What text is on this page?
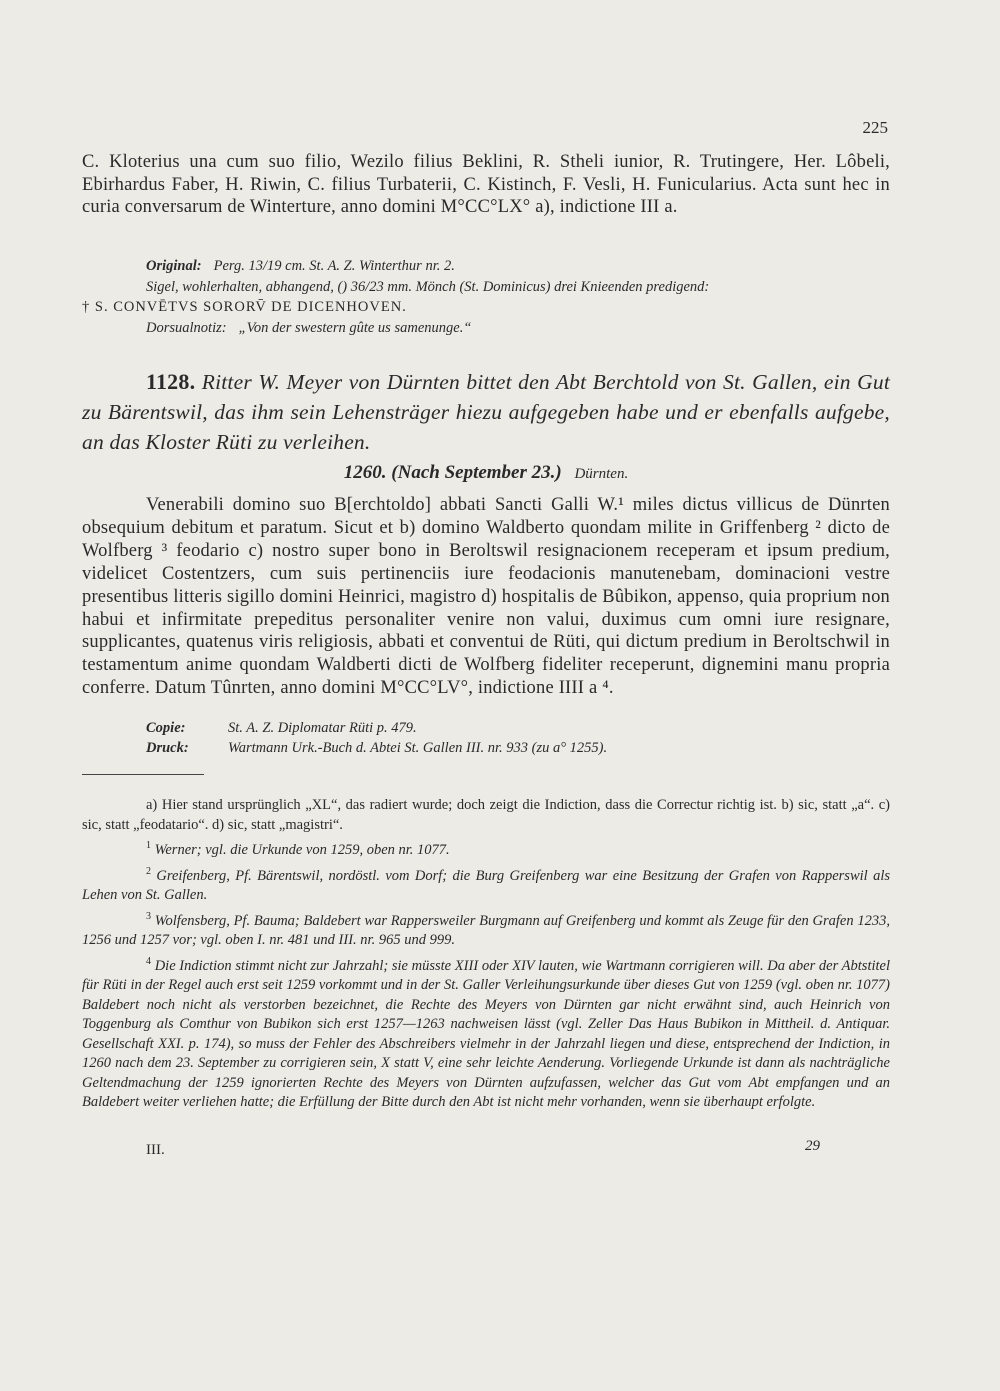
225
C. Kloterius una cum suo filio, Wezilo filius Beklini, R. Stheli iunior, R. Trutingere, Her. Lôbeli, Ebirhardus Faber, H. Riwin, C. filius Turbaterii, C. Kistinch, F. Vesli, H. Funicularius. Acta sunt hec in curia conversarum de Winterture, anno domini M°CC°LX° a), indictione III a.
Original: Perg. 13/19 cm. St. A. Z. Winterthur nr. 2.
Sigel, wohlerhalten, abhangend, () 36/23 mm. Mönch (St. Dominicus) drei Knieenden predigend:
† S. CONVĒTVS SORORV̄ DE DICENHOVEN.
Dorsualnotiz: „Von der swestern gûte us samenunge.“
1128. Ritter W. Meyer von Dürnten bittet den Abt Berchtold von St. Gallen, ein Gut zu Bärentswil, das ihm sein Lehensträger hiezu aufgegeben habe und er ebenfalls aufgebe, an das Kloster Rüti zu verleihen.
1260. (Nach September 23.) Dürnten.
Venerabili domino suo B[erchtoldo] abbati Sancti Galli W.¹ miles dictus villicus de Dünrten obsequium debitum et paratum. Sicut et b) domino Waldberto quondam milite in Griffenberg ² dicto de Wolfberg ³ feodario c) nostro super bono in Beroltswil resignacionem receperam et ipsum predium, videlicet Costentzers, cum suis pertinenciis iure feodacionis manutenebam, dominacioni vestre presentibus litteris sigillo domini Heinrici, magistro d) hospitalis de Bûbikon, appenso, quia proprium non habui et infirmitate prepeditus personaliter venire non valui, duximus cum omni iure resignare, supplicantes, quatenus viris religiosis, abbati et conventui de Rüti, qui dictum predium in Beroltschwil in testamentum anime quondam Waldberti dicti de Wolfberg fideliter receperunt, dignemini manu propria conferre. Datum Tûnrten, anno domini M°CC°LV°, indictione IIII a ⁴.
Copie:	St. A. Z. Diplomatar Rüti p. 479.
Druck:	Wartmann Urk.-Buch d. Abtei St. Gallen III. nr. 933 (zu a° 1255).
a) Hier stand ursprünglich „XL“, das radiert wurde; doch zeigt die Indiction, dass die Correctur richtig ist. b) sic, statt „a“. c) sic, statt „feodatario“. d) sic, statt „magistri“.
$^1$ Werner; vgl. die Urkunde von 1259, oben nr. 1077.
$^2$ Greifenberg, Pf. Bärentswil, nordöstl. vom Dorf; die Burg Greifenberg war eine Besitzung der Grafen von Rapperswil als Lehen von St. Gallen.
$^3$ Wolfensberg, Pf. Bauma; Baldebert war Rappersweiler Burgmann auf Greifenberg und kommt als Zeuge für den Grafen 1233, 1256 und 1257 vor; vgl. oben I. nr. 481 und III. nr. 965 und 999.
$^4$ Die Indiction stimmt nicht zur Jahrzahl; sie müsste XIII oder XIV lauten, wie Wartmann corrigieren will. Da aber der Abtstitel für Rüti in der Regel auch erst seit 1259 vorkommt und in der St. Galler Verleihungsurkunde über dieses Gut von 1259 (vgl. oben nr. 1077) Baldebert noch nicht als verstorben bezeichnet, die Rechte des Meyers von Dürnten gar nicht erwähnt sind, auch Heinrich von Toggenburg als Comthur von Bubikon sich erst 1257—1263 nachweisen lässt (vgl. Zeller Das Haus Bubikon in Mittheil. d. Antiquar. Gesellschaft XXI. p. 174), so muss der Fehler des Abschreibers vielmehr in der Jahrzahl liegen und diese, entsprechend der Indiction, in 1260 nach dem 23. September zu corrigieren sein, X statt V, eine sehr leichte Aenderung. Vorliegende Urkunde ist dann als nachträgliche Geltendmachung der 1259 ignorierten Rechte des Meyers von Dürnten aufzufassen, welcher das Gut vom Abt empfangen und an Baldebert weiter verliehen hatte; die Erfüllung der Bitte durch den Abt ist nicht mehr vorhanden, wenn sie überhaupt erfolgte.
III.	29
